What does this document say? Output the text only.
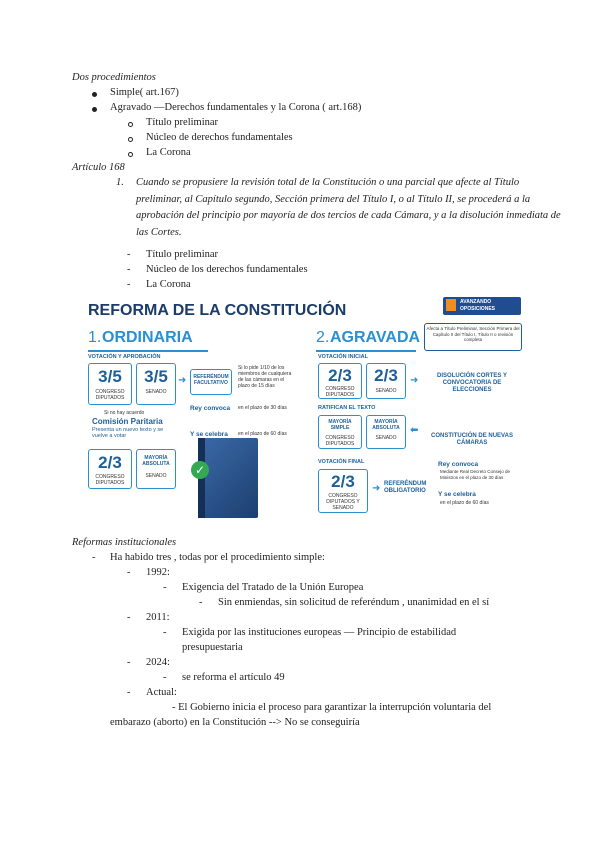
Dos procedimientos
Simple( art.167)
Agravado —Derechos fundamentales y la Corona ( art.168)
Título preliminar
Núcleo de derechos fundamentales
La Corona
Artículo 168
1. Cuando se propusiere la revisión total de la Constitución o una parcial que afecte al Título preliminar, al Capítulo segundo, Sección primera del Título I, o al Título II, se procederá a la aprobación del principio por mayoría de dos tercios de cada Cámara, y a la disolución inmediata de las Cortes.
- Título preliminar
- Núcleo de los derechos fundamentales
- La Corona
REFORMA DE LA CONSTITUCIÓN	AVANZANDO
OPOSICIONES
1. ORDINARIA
VOTACIÓN Y APROBACIÓN
3/5
CONGRESO DIPUTADOS
3/5
SENADO
➜	REFERÉNDUM FACULTATIVO
Si lo pide 1/10 de los miembros de cualquiera de las cámaras en el plazo de 15 días
Si no hay acuerdo
Comisión Paritaria
Presenta un nuevo texto y se vuelve a votar
2/3
CONGRESO DIPUTADOS
MAYORÍA ABSOLUTA
SENADO
Rey convoca en el plazo de 30 días
Y se celebra en el plazo de 60 días
✓
2. AGRAVADA
Afecta a Título Preliminar, Sección Primera del Capítulo II del Título I, Título II o revisión completa
VOTACIÓN INICIAL
2/3
CONGRESO DIPUTADOS
2/3
SENADO
➜	DISOLUCIÓN CORTES Y CONVOCATORIA DE ELECCIONES
RATIFICAN EL TEXTO
MAYORÍA SIMPLE
CONGRESO DIPUTADOS
MAYORÍA ABSOLUTA
SENADO
⬅	CONSTITUCIÓN DE NUEVAS CÁMARAS
VOTACIÓN FINAL
2/3
CONGRESO DIPUTADOS Y SENADO
➜ REFERÉNDUM OBLIGATORIO
Rey convoca
Mediante Real Decreto Consejo de Ministros en el plazo de 30 días
Y se celebra
en el plazo de 60 días
Reformas institucionales
- Ha habido tres , todas por el procedimiento simple:
- 1992:
- Exigencia del Tratado de la Unión Europea
- Sin enmiendas, sin solicitud de referéndum , unanimidad en el sí
- 2011:
- Exigida por las instituciones europeas — Principio de estabilidad
presupuestaria
- 2024:
- se reforma el artículo 49
- Actual:
- El Gobierno inicia el proceso para garantizar la interrupción voluntaria del
embarazo (aborto) en la Constitución --> No se conseguiría
